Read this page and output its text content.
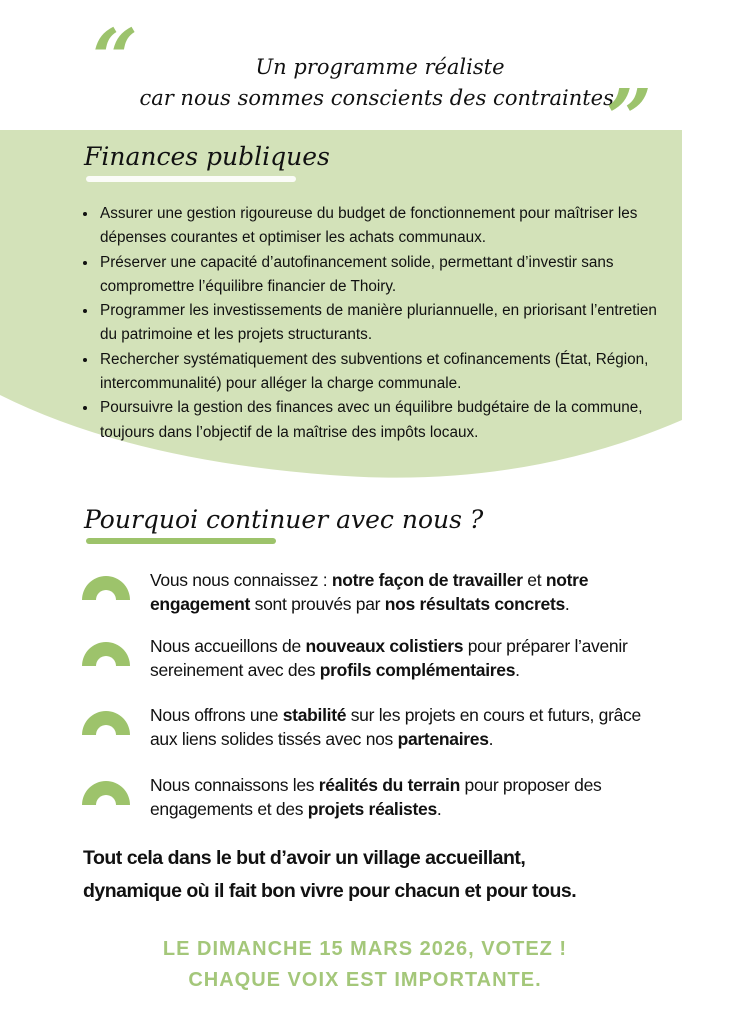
“
”
Un programme réaliste
car nous sommes conscients des contraintes.
Finances publiques
• Assurer une gestion rigoureuse du budget de fonctionnement pour maîtriser les dépenses courantes et optimiser les achats communaux.
• Préserver une capacité d’autofinancement solide, permettant d’investir sans compromettre l’équilibre financier de Thoiry.
• Programmer les investissements de manière pluriannuelle, en priorisant l’entretien du patrimoine et les projets structurants.
• Rechercher systématiquement des subventions et cofinancements (État, Région, intercommunalité) pour alléger la charge communale.
• Poursuivre la gestion des finances avec un équilibre budgétaire de la commune, toujours dans l’objectif de la maîtrise des impôts locaux.
Pourquoi continuer avec nous ?

Vous nous connaissez : notre façon de travailler et notre engagement sont prouvés par nos résultats concrets.

Nous accueillons de nouveaux colistiers pour préparer l’avenir sereinement avec des profils complémentaires.

Nous offrons une stabilité sur les projets en cours et futurs, grâce aux liens solides tissés avec nos partenaires.

Nous connaissons les réalités du terrain pour proposer des engagements et des projets réalistes.

Tout cela dans le but d’avoir un village accueillant,
dynamique où il fait bon vivre pour chacun et pour tous.
LE DIMANCHE 15 MARS 2026, VOTEZ !
CHAQUE VOIX EST IMPORTANTE.
